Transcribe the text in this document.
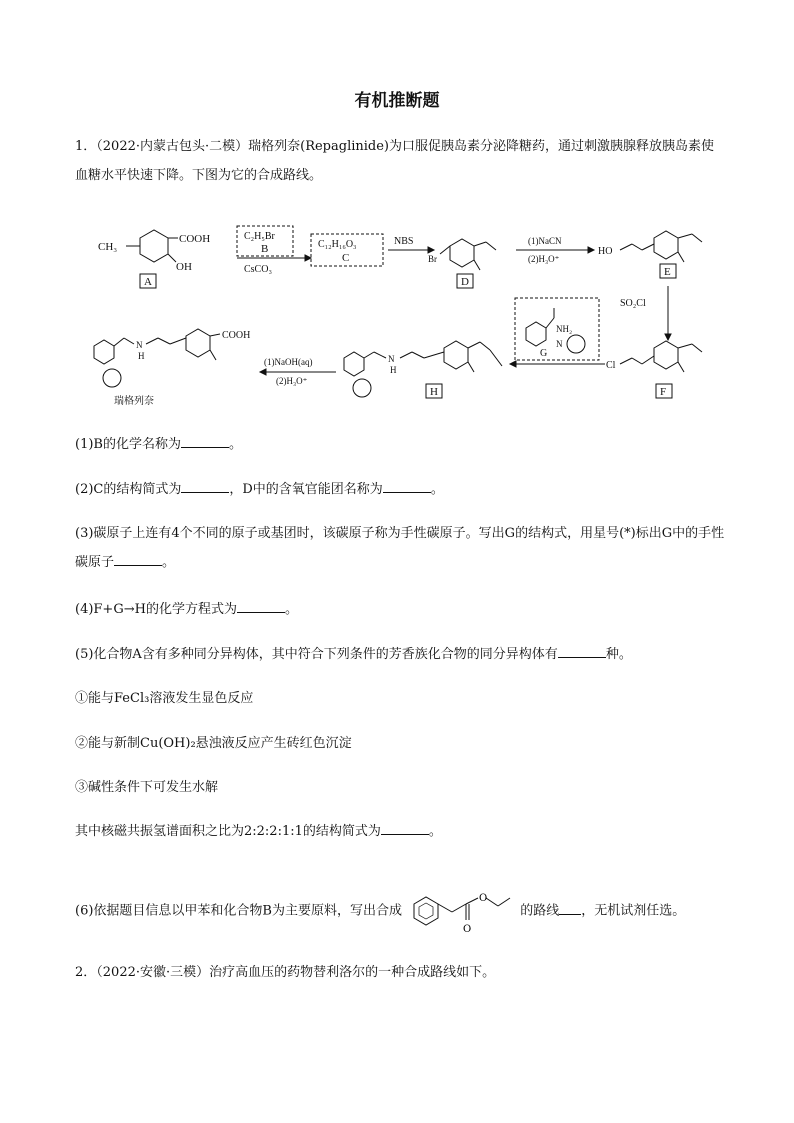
有机推断题
1．（2022·内蒙古包头·二模）瑞格列奈(Repaglinide)为口服促胰岛素分泌降糖药，通过刺激胰腺释放胰岛素使血糖水平快速下降。下图为它的合成路线。
CH₃
COOH
OH
A
C₂H₅Br
B
CsCO₃
C₁₂H₁₆O₃
C
NBS
Br
D
(1)NaCN
(2)H₃O⁺
HO
E
SO₂Cl
Cl
F
NH₂
N
G
N
H
H
(1)NaOH(aq)
(2)H₃O⁺
N
H
COOH
瑞格列奈
(1)B的化学名称为	。
(2)C的结构简式为	，D中的含氧官能团名称为	。
(3)碳原子上连有4个不同的原子或基团时，该碳原子称为手性碳原子。写出G的结构式，用星号(*)标出G中的手性碳原子	。
(4)F+G→H的化学方程式为	。
(5)化合物A含有多种同分异构体，其中符合下列条件的芳香族化合物的同分异构体有	种。
①能与FeCl₃溶液发生显色反应
②能与新制Cu(OH)₂悬浊液反应产生砖红色沉淀
③碱性条件下可发生水解
其中核磁共振氢谱面积之比为2:2:2:1:1的结构简式为	。
(6)依据题目信息以甲苯和化合物B为主要原料，写出合成
O
O
的路线 ，无机试剂任选。
2．（2022·安徽·三模）治疗高血压的药物替利洛尔的一种合成路线如下。
